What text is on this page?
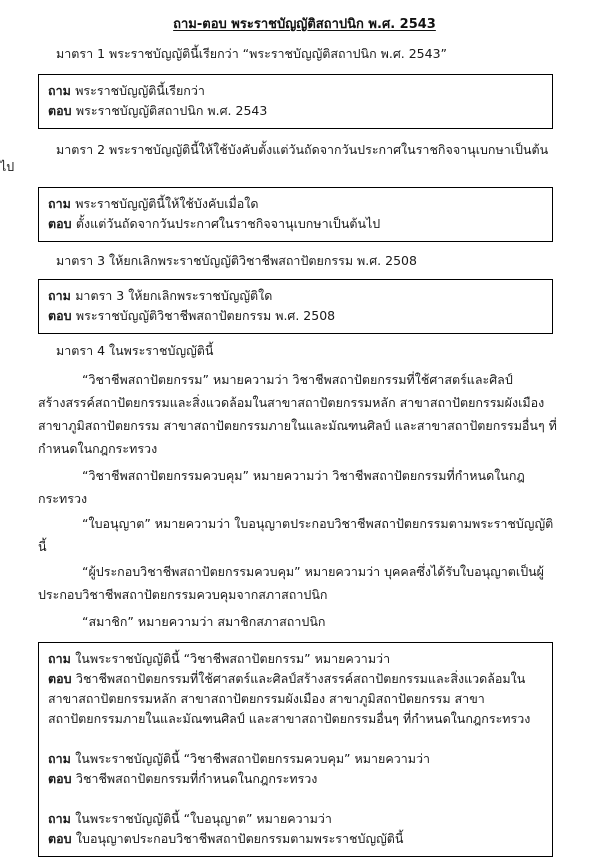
ถาม-ตอบ พระราชบัญญัติสถาปนิก พ.ศ. 2543

มาตรา 1 พระราชบัญญัตินี้เรียกว่า “พระราชบัญญัติสถาปนิก พ.ศ. 2543”

ถาม พระราชบัญญัตินี้เรียกว่า

ตอบ พระราชบัญญัติสถาปนิก พ.ศ. 2543

มาตรา 2 พระราชบัญญัตินี้ให้ใช้บังคับตั้งแต่วันถัดจากวันประกาศในราชกิจจานุเบกษาเป็นต้นไป

ถาม พระราชบัญญัตินี้ให้ใช้บังคับเมื่อใด

ตอบ ตั้งแต่วันถัดจากวันประกาศในราชกิจจานุเบกษาเป็นต้นไป

มาตรา 3 ให้ยกเลิกพระราชบัญญัติวิชาชีพสถาปัตยกรรม พ.ศ. 2508

ถาม มาตรา 3 ให้ยกเลิกพระราชบัญญัติใด

ตอบ พระราชบัญญัติวิชาชีพสถาปัตยกรรม พ.ศ. 2508

มาตรา 4 ในพระราชบัญญัตินี้

“วิชาชีพสถาปัตยกรรม” หมายความว่า วิชาชีพสถาปัตยกรรมที่ใช้ศาสตร์และศิลป์สร้างสรรค์สถาปัตยกรรมและสิ่งแวดล้อมในสาขาสถาปัตยกรรมหลัก สาขาสถาปัตยกรรมผังเมือง สาขาภูมิสถาปัตยกรรม สาขาสถาปัตยกรรมภายในและมัณฑนศิลป์ และสาขาสถาปัตยกรรมอื่นๆ ที่กำหนดในกฎกระทรวง

“วิชาชีพสถาปัตยกรรมควบคุม” หมายความว่า วิชาชีพสถาปัตยกรรมที่กำหนดในกฎกระทรวง

“ใบอนุญาต” หมายความว่า ใบอนุญาตประกอบวิชาชีพสถาปัตยกรรมตามพระราชบัญญัตินี้

“ผู้ประกอบวิชาชีพสถาปัตยกรรมควบคุม” หมายความว่า บุคคลซึ่งได้รับใบอนุญาตเป็นผู้ประกอบวิชาชีพสถาปัตยกรรมควบคุมจากสภาสถาปนิก

“สมาชิก” หมายความว่า สมาชิกสภาสถาปนิก

ถาม ในพระราชบัญญัตินี้ “วิชาชีพสถาปัตยกรรม” หมายความว่า

ตอบ วิชาชีพสถาปัตยกรรมที่ใช้ศาสตร์และศิลป์สร้างสรรค์สถาปัตยกรรมและสิ่งแวดล้อมในสาขาสถาปัตยกรรมหลัก สาขาสถาปัตยกรรมผังเมือง สาขาภูมิสถาปัตยกรรม สาขาสถาปัตยกรรมภายในและมัณฑนศิลป์ และสาขาสถาปัตยกรรมอื่นๆ ที่กำหนดในกฎกระทรวง

ถาม ในพระราชบัญญัตินี้ “วิชาชีพสถาปัตยกรรมควบคุม” หมายความว่า

ตอบ วิชาชีพสถาปัตยกรรมที่กำหนดในกฎกระทรวง

ถาม ในพระราชบัญญัตินี้ “ใบอนุญาต” หมายความว่า

ตอบ ใบอนุญาตประกอบวิชาชีพสถาปัตยกรรมตามพระราชบัญญัตินี้
